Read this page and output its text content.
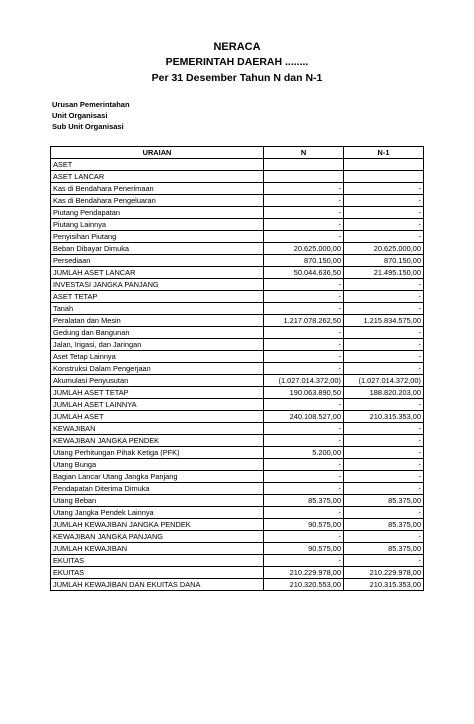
NERACA
PEMERINTAH DAERAH ........
Per 31 Desember Tahun N dan N-1
Urusan Pemerintahan
Unit Organisasi
Sub Unit Organisasi
URAIAN	N	N-1
ASET		
ASET LANCAR		
Kas di Bendahara Penerimaan	-	-
Kas di Bendahara Pengeluaran	-	-
Piutang Pendapatan	-	-
Piutang Lainnya	-	-
Penyisihan Piutang	-	-
Beban Dibayar Dimuka	20.625.000,00	20.625.000,00
Persediaan	870.150,00	870.150,00
JUMLAH ASET LANCAR	50.044.636,50	21.495.150,00
INVESTASI JANGKA PANJANG	-	-
ASET TETAP	-	-
Tanah	-	-
Peralatan dan Mesin	1.217.078.262,50	1.215.834.575,00
Gedung dan Bangunan	-	-
Jalan, Irigasi, dan Jaringan	-	-
Aset Tetap Lainnya	-	-
Konstruksi Dalam Pengerjaan	-	-
Akumulasi Penyusutan	(1.027.014.372,00)	(1.027.014.372,00)
JUMLAH ASET TETAP	190.063.890,50	188.820.203,00
JUMLAH ASET LAINNYA	-	-
JUMLAH ASET	240.108.527,00	210.315.353,00
KEWAJIBAN	-	-
KEWAJIBAN JANGKA PENDEK	-	-
Utang Perhitungan Pihak Ketiga (PFK)	5.200,00	-
Utang Bunga	-	-
Bagian Lancar Utang Jangka Panjang	-	-
Pendapatan Diterima Dimuka	-	-
Utang Beban	85.375,00	85.375,00
Utang Jangka Pendek Lainnya	-	-
JUMLAH KEWAJIBAN JANGKA PENDEK	90.575,00	85.375,00
KEWAJIBAN JANGKA PANJANG	-	-
JUMLAH KEWAJIBAN	90.575,00	85.375,00
EKUITAS	-	-
EKUITAS	210.229.978,00	210.229.978,00
JUMLAH KEWAJIBAN DAN EKUITAS DANA	210.320.553,00	210.315.353,00
